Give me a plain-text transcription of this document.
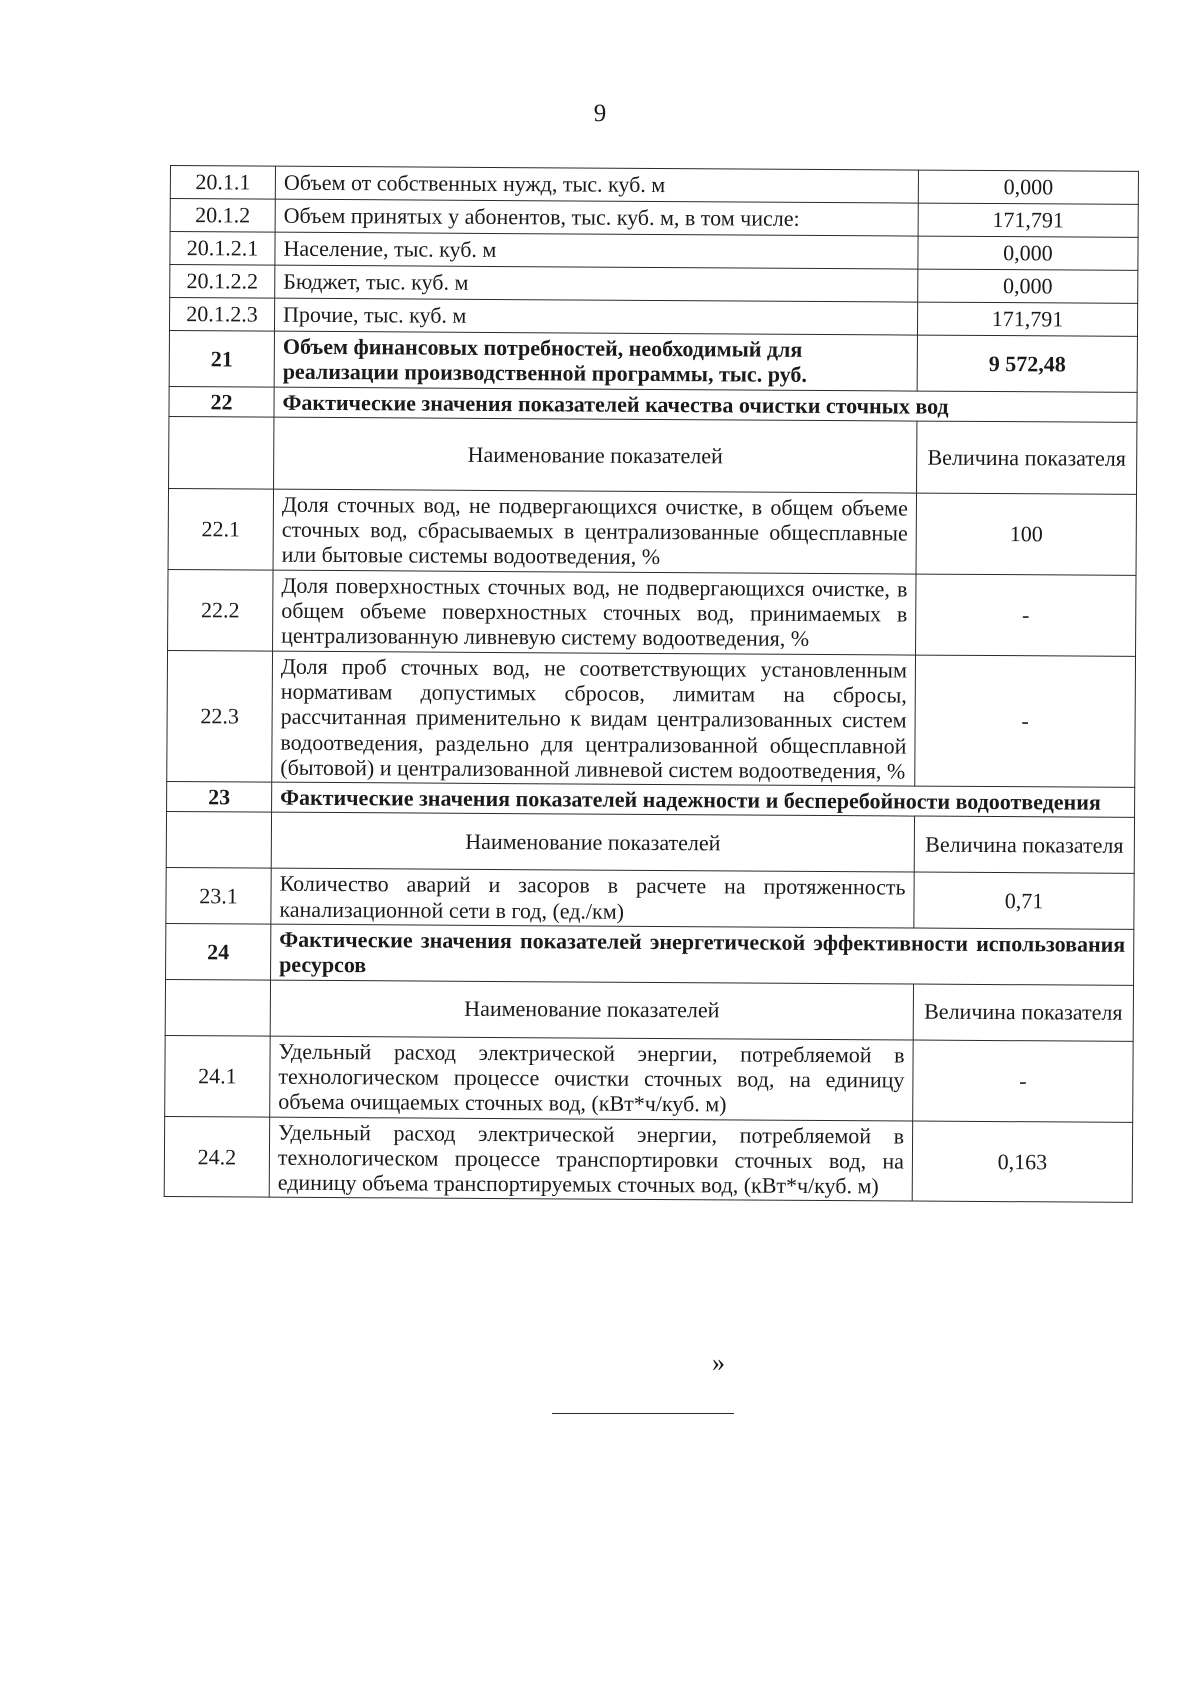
9
20.1.1	Объем от собственных нужд, тыс. куб. м	0,000
20.1.2	Объем принятых у абонентов, тыс. куб. м, в том числе:	171,791
20.1.2.1	Население, тыс. куб. м	0,000
20.1.2.2	Бюджет, тыс. куб. м	0,000
20.1.2.3	Прочие, тыс. куб. м	171,791
21	Объем финансовых потребностей, необходимый для реализации производственной программы, тыс. руб.	9 572,48
22	Фактические значения показателей качества очистки сточных вод	
	Наименование показателей	Величина показателя
22.1	Доля сточных вод, не подвергающихся очистке, в общем объеме сточных вод, сбрасываемых в централизованные общесплавные или бытовые системы водоотведения, %	100
22.2	Доля поверхностных сточных вод, не подвергающихся очистке, в общем объеме поверхностных сточных вод, принимаемых в централизованную ливневую систему водоотведения, %	-
22.3	Доля проб сточных вод, не соответствующих установленным нормативам допустимых сбросов, лимитам на сбросы, рассчитанная применительно к видам централизованных систем водоотведения, раздельно для централизованной общесплавной (бытовой) и централизованной ливневой систем водоотведения, %	-
23	Фактические значения показателей надежности и бесперебойности водоотведения	
	Наименование показателей	Величина показателя
23.1	Количество аварий и засоров в расчете на протяженность канализационной сети в год, (ед./км)	0,71
24	Фактические значения показателей энергетической эффективности использования ресурсов	
	Наименование показателей	Величина показателя
24.1	Удельный расход электрической энергии, потребляемой в технологическом процессе очистки сточных вод, на единицу объема очищаемых сточных вод, (кВт*ч/куб. м)	-
24.2	Удельный расход электрической энергии, потребляемой в технологическом процессе транспортировки сточных вод, на единицу объема транспортируемых сточных вод, (кВт*ч/куб. м)	0,163
»
